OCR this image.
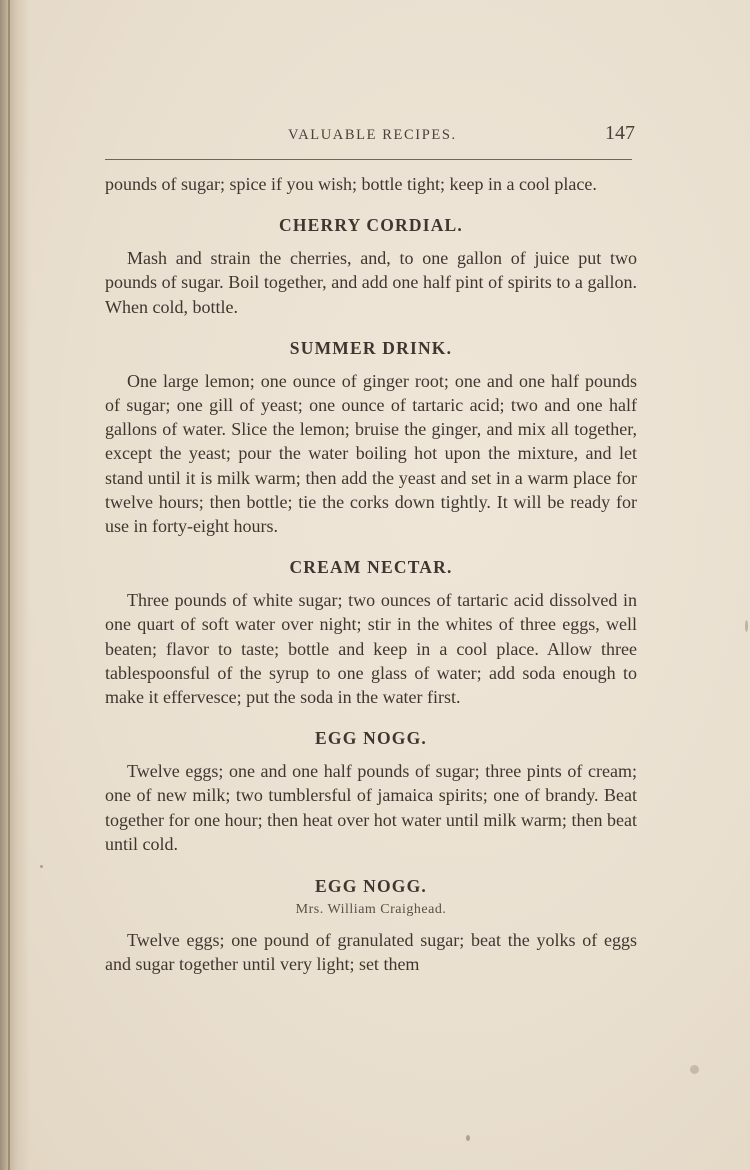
VALUABLE RECIPES.	147

pounds of sugar; spice if you wish; bottle tight; keep in a cool place.

CHERRY CORDIAL.

Mash and strain the cherries, and, to one gallon of juice put two pounds of sugar. Boil together, and add one half pint of spirits to a gallon. When cold, bottle.

SUMMER DRINK.

One large lemon; one ounce of ginger root; one and one half pounds of sugar; one gill of yeast; one ounce of tartaric acid; two and one half gallons of water. Slice the lemon; bruise the ginger, and mix all together, except the yeast; pour the water boiling hot upon the mixture, and let stand until it is milk warm; then add the yeast and set in a warm place for twelve hours; then bottle; tie the corks down tightly. It will be ready for use in forty-eight hours.

CREAM NECTAR.

Three pounds of white sugar; two ounces of tartaric acid dissolved in one quart of soft water over night; stir in the whites of three eggs, well beaten; flavor to taste; bottle and keep in a cool place. Allow three tablespoonsful of the syrup to one glass of water; add soda enough to make it effervesce; put the soda in the water first.

EGG NOGG.

Twelve eggs; one and one half pounds of sugar; three pints of cream; one of new milk; two tumblersful of jamaica spirits; one of brandy. Beat together for one hour; then heat over hot water until milk warm; then beat until cold.

EGG NOGG.

Mrs. William Craighead.

Twelve eggs; one pound of granulated sugar; beat the yolks of eggs and sugar together until very light; set them
